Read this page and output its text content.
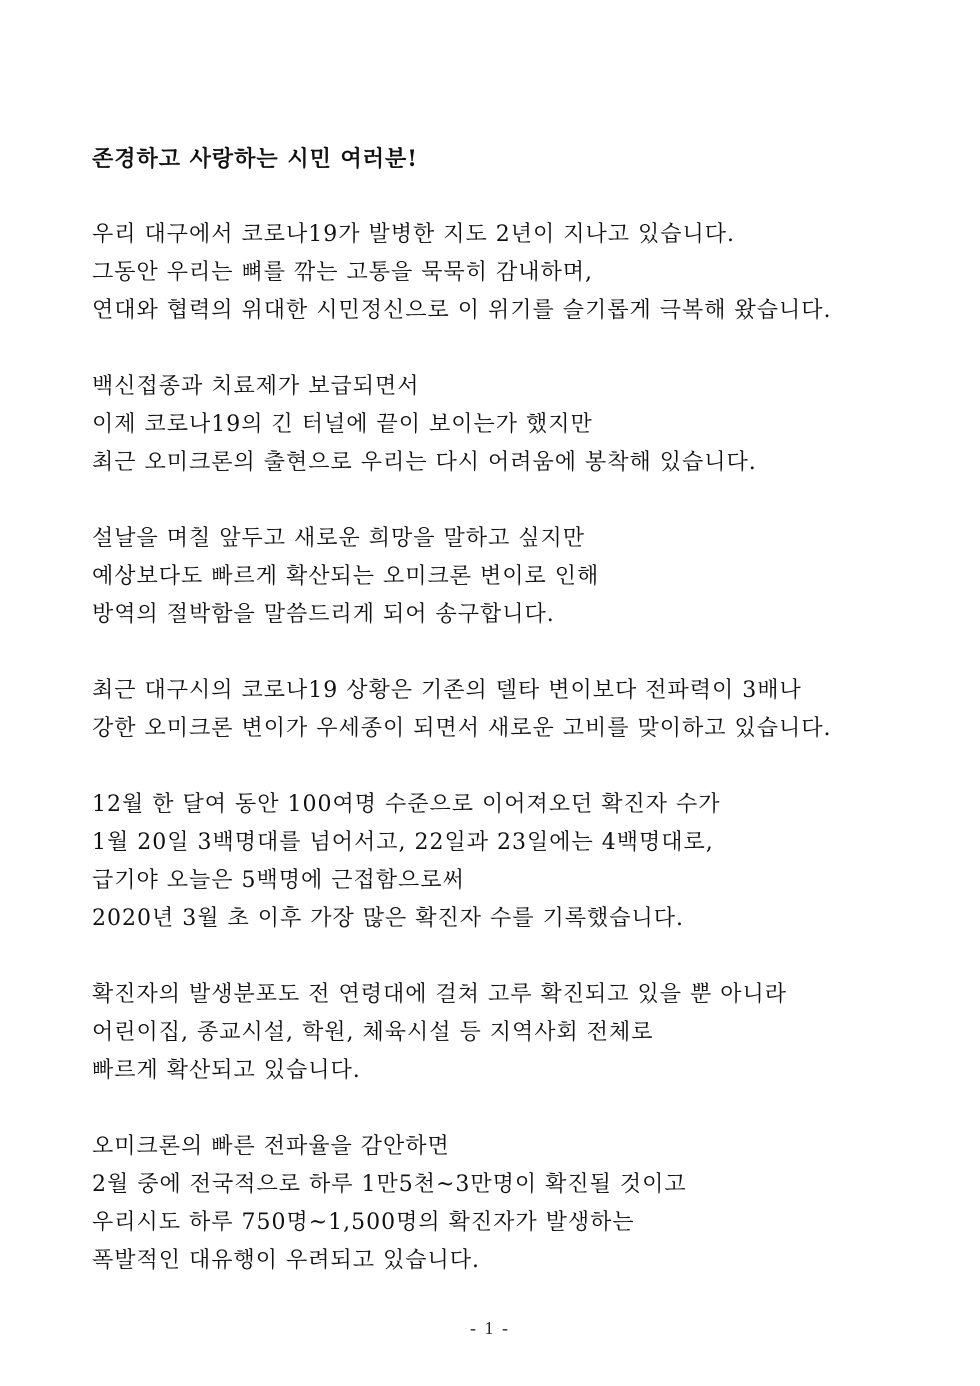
존경하고 사랑하는 시민 여러분!
우리 대구에서 코로나19가 발병한 지도 2년이 지나고 있습니다.
그동안 우리는 뼈를 깎는 고통을 묵묵히 감내하며,
연대와 협력의 위대한 시민정신으로 이 위기를 슬기롭게 극복해 왔습니다.
백신접종과 치료제가 보급되면서
이제 코로나19의 긴 터널에 끝이 보이는가 했지만
최근 오미크론의 출현으로 우리는 다시 어려움에 봉착해 있습니다.
설날을 며칠 앞두고 새로운 희망을 말하고 싶지만
예상보다도 빠르게 확산되는 오미크론 변이로 인해
방역의 절박함을 말씀드리게 되어 송구합니다.
최근 대구시의 코로나19 상황은 기존의 델타 변이보다 전파력이 3배나
강한 오미크론 변이가 우세종이 되면서 새로운 고비를 맞이하고 있습니다.
12월 한 달여 동안 100여명 수준으로 이어져오던 확진자 수가
1월 20일 3백명대를 넘어서고, 22일과 23일에는 4백명대로,
급기야 오늘은 5백명에 근접함으로써
2020년 3월 초 이후 가장 많은 확진자 수를 기록했습니다.
확진자의 발생분포도 전 연령대에 걸쳐 고루 확진되고 있을 뿐 아니라
어린이집, 종교시설, 학원, 체육시설 등 지역사회 전체로
빠르게 확산되고 있습니다.
오미크론의 빠른 전파율을 감안하면
2월 중에 전국적으로 하루 1만5천~3만명이 확진될 것이고
우리시도 하루 750명~1,500명의 확진자가 발생하는
폭발적인 대유행이 우려되고 있습니다.
- 1 -
